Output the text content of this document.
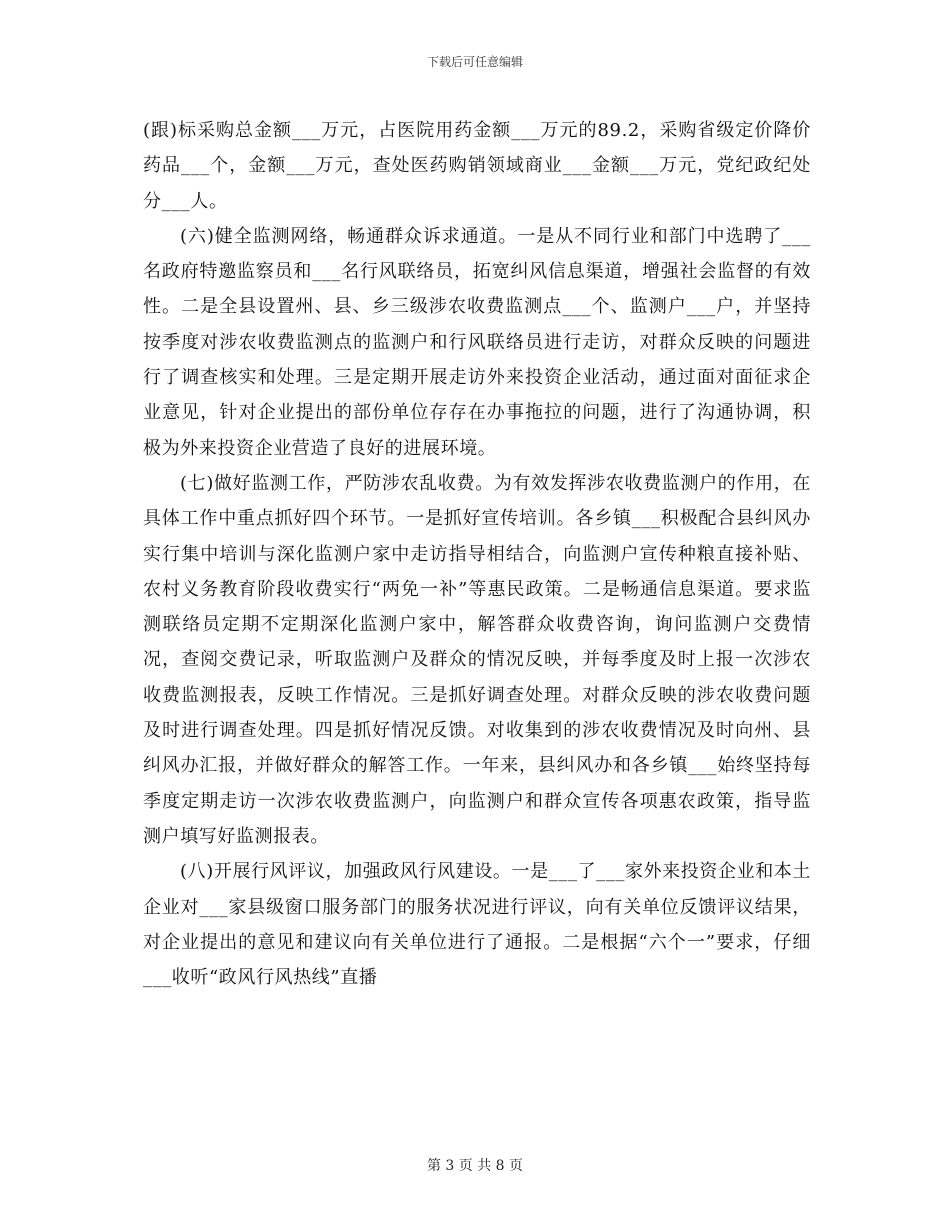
下载后可任意编辑

(跟)标采购总金额___万元，占医院用药金额___万元的89.2，采购省级定价降价药品___个，金额___万元，查处医药购销领域商业___金额___万元，党纪政纪处分___人。

(六)健全监测网络，畅通群众诉求通道。一是从不同行业和部门中选聘了___名政府特邀监察员和___名行风联络员，拓宽纠风信息渠道，增强社会监督的有效性。二是全县设置州、县、乡三级涉农收费监测点___个、监测户___户，并坚持按季度对涉农收费监测点的监测户和行风联络员进行走访，对群众反映的问题进行了调查核实和处理。三是定期开展走访外来投资企业活动，通过面对面征求企业意见，针对企业提出的部份单位存存在办事拖拉的问题，进行了沟通协调，积极为外来投资企业营造了良好的进展环境。

(七)做好监测工作，严防涉农乱收费。为有效发挥涉农收费监测户的作用，在具体工作中重点抓好四个环节。一是抓好宣传培训。各乡镇___积极配合县纠风办实行集中培训与深化监测户家中走访指导相结合，向监测户宣传种粮直接补贴、农村义务教育阶段收费实行“两免一补”等惠民政策。二是畅通信息渠道。要求监测联络员定期不定期深化监测户家中，解答群众收费咨询，询问监测户交费情况，查阅交费记录，听取监测户及群众的情况反映，并每季度及时上报一次涉农收费监测报表，反映工作情况。三是抓好调查处理。对群众反映的涉农收费问题及时进行调查处理。四是抓好情况反馈。对收集到的涉农收费情况及时向州、县纠风办汇报，并做好群众的解答工作。一年来，县纠风办和各乡镇___始终坚持每季度定期走访一次涉农收费监测户，向监测户和群众宣传各项惠农政策，指导监测户填写好监测报表。

(八)开展行风评议，加强政风行风建设。一是___了___家外来投资企业和本土企业对___家县级窗口服务部门的服务状况进行评议，向有关单位反馈评议结果，对企业提出的意见和建议向有关单位进行了通报。二是根据“六个一”要求，仔细___收听“政风行风热线”直播

第 3 页 共 8 页
